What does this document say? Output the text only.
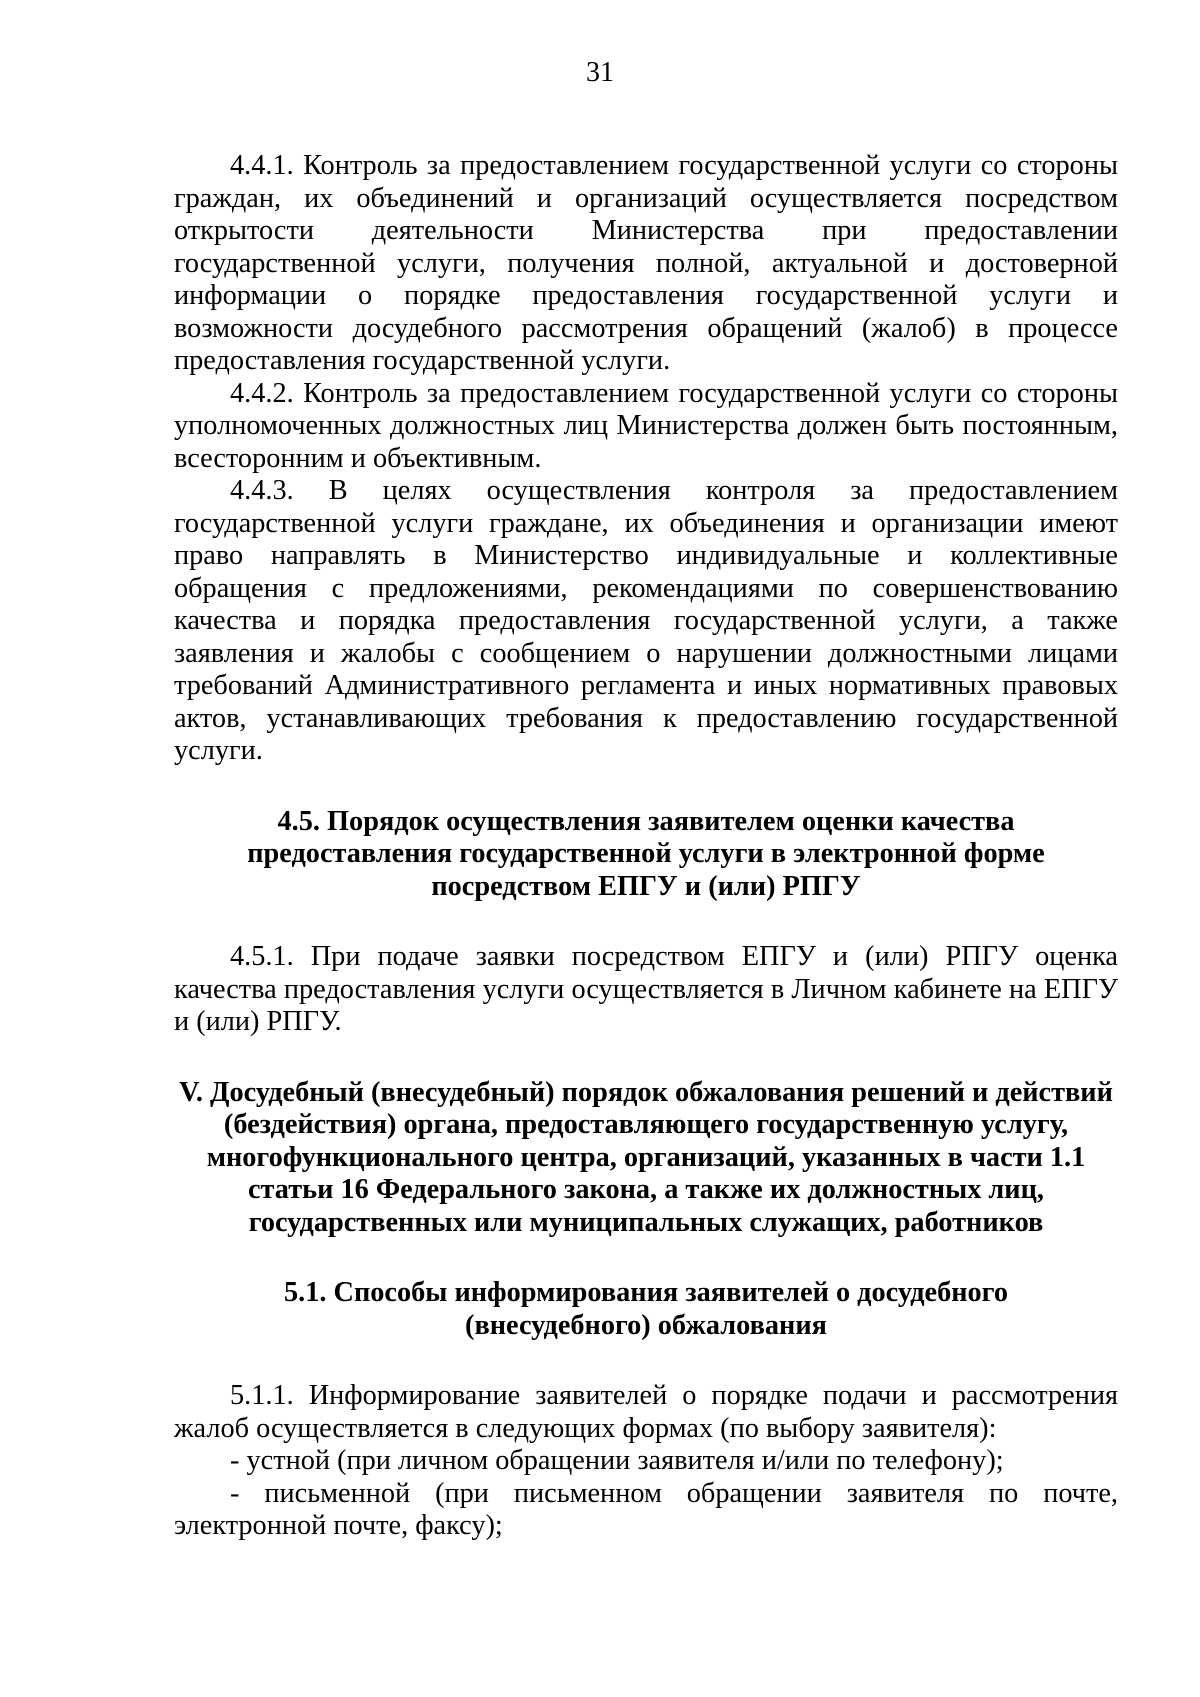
31

4.4.1. Контроль за предоставлением государственной услуги со стороны граждан, их объединений и организаций осуществляется посредством открытости деятельности Министерства при предоставлении государственной услуги, получения полной, актуальной и достоверной информации о порядке предоставления государственной услуги и возможности досудебного рассмотрения обращений (жалоб) в процессе предоставления государственной услуги.

4.4.2. Контроль за предоставлением государственной услуги со стороны уполномоченных должностных лиц Министерства должен быть постоянным, всесторонним и объективным.

4.4.3. В целях осуществления контроля за предоставлением государственной услуги граждане, их объединения и организации имеют право направлять в Министерство индивидуальные и коллективные обращения с предложениями, рекомендациями по совершенствованию качества и порядка предоставления государственной услуги, а также заявления и жалобы с сообщением о нарушении должностными лицами требований Административного регламента и иных нормативных правовых актов, устанавливающих требования к предоставлению государственной услуги.

4.5. Порядок осуществления заявителем оценки качества предоставления государственной услуги в электронной форме посредством ЕПГУ и (или) РПГУ

4.5.1. При подаче заявки посредством ЕПГУ и (или) РПГУ оценка качества предоставления услуги осуществляется в Личном кабинете на ЕПГУ и (или) РПГУ.

V. Досудебный (внесудебный) порядок обжалования решений и действий (бездействия) органа, предоставляющего государственную услугу, многофункционального центра, организаций, указанных в части 1.1 статьи 16 Федерального закона, а также их должностных лиц, государственных или муниципальных служащих, работников

5.1. Способы информирования заявителей о досудебного (внесудебного) обжалования

5.1.1. Информирование заявителей о порядке подачи и рассмотрения жалоб осуществляется в следующих формах (по выбору заявителя):

- устной (при личном обращении заявителя и/или по телефону);

- письменной (при письменном обращении заявителя по почте, электронной почте, факсу);
